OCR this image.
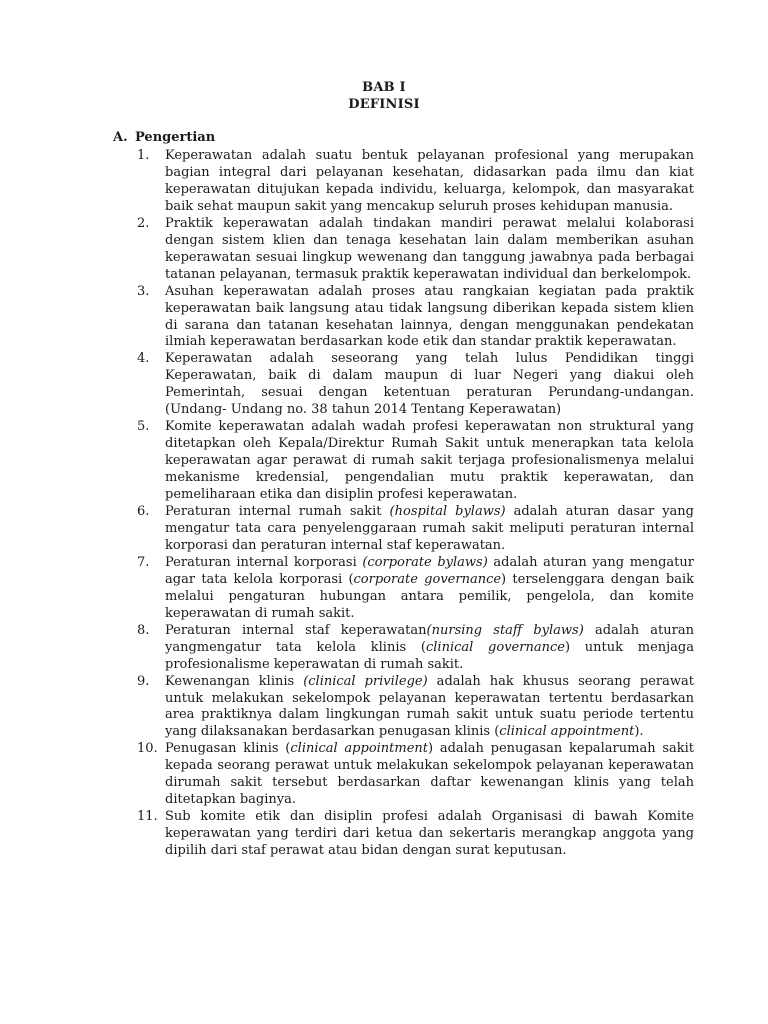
BAB I
DEFINISI
A. Pengertian
1.	Keperawatan adalah suatu bentuk pelayanan profesional yang merupakan bagian integral dari pelayanan kesehatan, didasarkan pada ilmu dan kiat keperawatan ditujukan kepada individu, keluarga, kelompok, dan masyarakat baik sehat maupun sakit yang mencakup seluruh proses kehidupan manusia.
2.	Praktik keperawatan adalah tindakan mandiri perawat melalui kolaborasi dengan sistem klien dan tenaga kesehatan lain dalam memberikan asuhan keperawatan sesuai lingkup wewenang dan tanggung jawabnya pada berbagai tatanan pelayanan, termasuk praktik keperawatan individual dan berkelompok.
3.	Asuhan keperawatan adalah proses atau rangkaian kegiatan pada praktik keperawatan baik langsung atau tidak langsung diberikan kepada sistem klien di sarana dan tatanan kesehatan lainnya, dengan menggunakan pendekatan ilmiah keperawatan berdasarkan kode etik dan standar praktik keperawatan.
4.	Keperawatan adalah seseorang yang telah lulus Pendidikan tinggi Keperawatan, baik di dalam maupun di luar Negeri yang diakui oleh Pemerintah, sesuai dengan ketentuan peraturan Perundang-undangan. (Undang- Undang no. 38 tahun 2014 Tentang Keperawatan)
5.	Komite keperawatan adalah wadah profesi keperawatan non struktural yang ditetapkan oleh Kepala/Direktur Rumah Sakit untuk menerapkan tata kelola keperawatan agar perawat di rumah sakit terjaga profesionalismenya melalui mekanisme kredensial, pengendalian mutu praktik keperawatan, dan pemeliharaan etika dan disiplin profesi keperawatan.
6.	Peraturan internal rumah sakit (hospital bylaws) adalah aturan dasar yang mengatur tata cara penyelenggaraan rumah sakit meliputi peraturan internal korporasi dan peraturan internal staf keperawatan.
7.	Peraturan internal korporasi (corporate bylaws) adalah aturan yang mengatur agar tata kelola korporasi (corporate governance) terselenggara dengan baik melalui pengaturan hubungan antara pemilik, pengelola, dan komite keperawatan di rumah sakit.
8.	Peraturan internal staf keperawatan(nursing staff bylaws) adalah aturan yangmengatur tata kelola klinis (clinical governance) untuk menjaga profesionalisme keperawatan di rumah sakit.
9.	Kewenangan klinis (clinical privilege) adalah hak khusus seorang perawat untuk melakukan sekelompok pelayanan keperawatan tertentu berdasarkan area praktiknya dalam lingkungan rumah sakit untuk suatu periode tertentu yang dilaksanakan berdasarkan penugasan klinis (clinical appointment).
10. Penugasan klinis (clinical appointment) adalah penugasan kepalarumah sakit kepada seorang perawat untuk melakukan sekelompok pelayanan keperawatan dirumah sakit tersebut berdasarkan daftar kewenangan klinis yang telah ditetapkan baginya.
11. Sub komite etik dan disiplin profesi adalah Organisasi di bawah Komite keperawatan yang terdiri dari ketua dan sekertaris merangkap anggota yang dipilih dari staf perawat atau bidan dengan surat keputusan.
